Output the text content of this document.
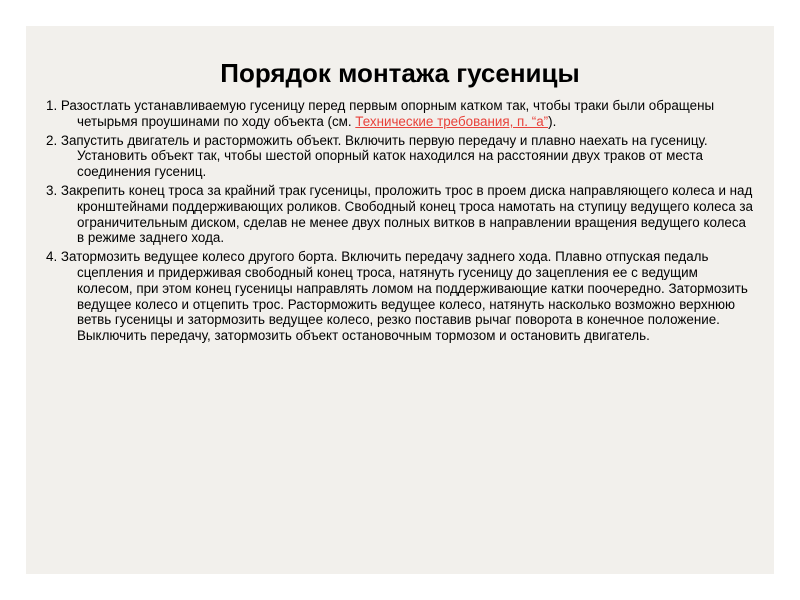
Порядок монтажа гусеницы
1. Разостлать устанавливаемую гусеницу перед первым опорным катком так, чтобы траки были обращены четырьмя проушинами по ходу объекта (см. Технические требования, п. “а”).
2. Запустить двигатель и расторможить объект. Включить первую передачу и плавно наехать на гусеницу. Установить объект так, чтобы шестой опорный каток находился на расстоянии двух траков от места соединения гусениц.
3. Закрепить конец троса за крайний трак гусеницы, проложить трос в проем диска направляющего колеса и над кронштейнами поддерживающих роликов. Свободный конец троса намотать на ступицу ведущего колеса за ограничительным диском, сделав не менее двух полных витков в направлении вращения ведущего колеса в режиме заднего хода.
4. Затормозить ведущее колесо другого борта. Включить передачу заднего хода. Плавно отпуская педаль сцепления и придерживая свободный конец троса, натянуть гусеницу до зацепления ее с ведущим колесом, при этом конец гусеницы направлять ломом на поддерживающие катки поочередно. Затормозить ведущее колесо и отцепить трос. Расторможить ведущее колесо, натянуть насколько возможно верхнюю ветвь гусеницы и затормозить ведущее колесо, резко поставив рычаг поворота в конечное положение. Выключить передачу, затормозить объект остановочным тормозом и остановить двигатель.
